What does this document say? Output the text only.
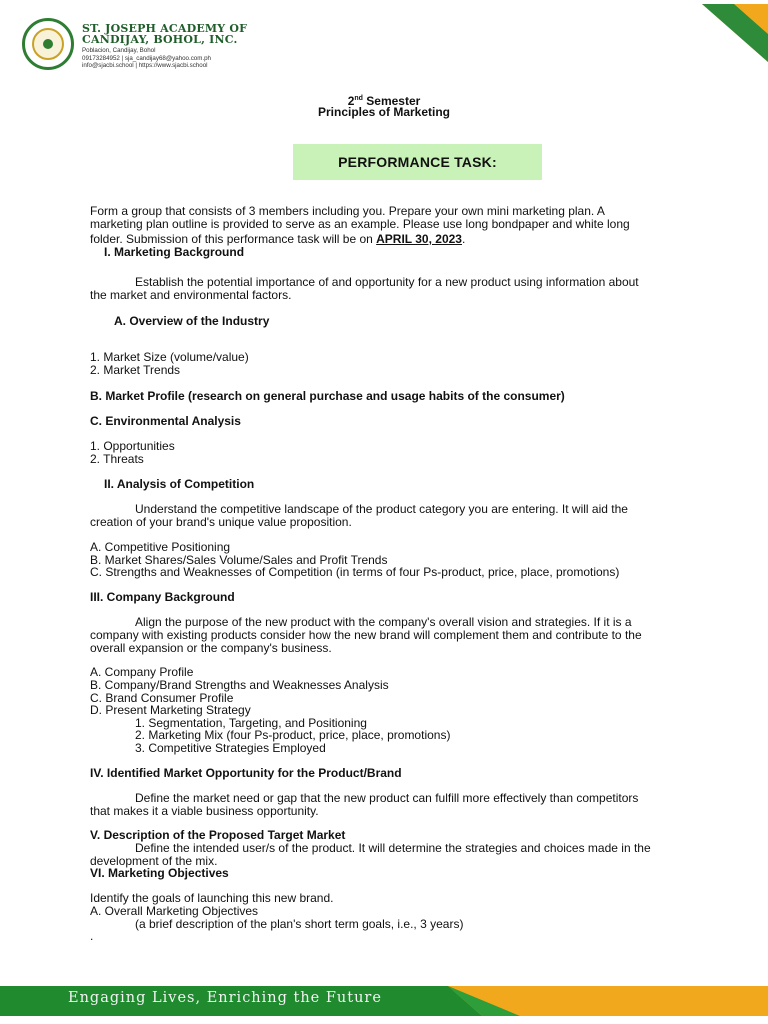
ST. JOSEPH ACADEMY OF
CANDIJAY, BOHOL, INC.
Poblacion, Candijay, Bohol
09173284952 | sja_candijay68@yahoo.com.ph
info@sjacbi.school | https://www.sjacbi.school
2nd Semester
Principles of Marketing
PERFORMANCE TASK:
Form a group that consists of 3 members including you. Prepare your own mini marketing plan. A
marketing plan outline is provided to serve as an example. Please use long bondpaper and white long
folder. Submission of this performance task will be on APRIL 30, 2023.
I. Marketing Background
Establish the potential importance of and opportunity for a new product using information about
the market and environmental factors.
A. Overview of the Industry
1. Market Size (volume/value)
2. Market Trends
B. Market Profile (research on general purchase and usage habits of the consumer)
C. Environmental Analysis
1. Opportunities
2. Threats
II. Analysis of Competition
Understand the competitive landscape of the product category you are entering. It will aid the
creation of your brand's unique value proposition.
A. Competitive Positioning
B. Market Shares/Sales Volume/Sales and Profit Trends
C. Strengths and Weaknesses of Competition (in terms of four Ps-product, price, place, promotions)
III. Company Background
Align the purpose of the new product with the company's overall vision and strategies. If it is a
company with existing products consider how the new brand will complement them and contribute to the
overall expansion or the company's business.
A. Company Profile
B. Company/Brand Strengths and Weaknesses Analysis
C. Brand Consumer Profile
D. Present Marketing Strategy
1. Segmentation, Targeting, and Positioning
2. Marketing Mix (four Ps-product, price, place, promotions)
3. Competitive Strategies Employed
IV. Identified Market Opportunity for the Product/Brand
Define the market need or gap that the new product can fulfill more effectively than competitors
that makes it a viable business opportunity.
V. Description of the Proposed Target Market
Define the intended user/s of the product. It will determine the strategies and choices made in the
development of the mix.
VI. Marketing Objectives
Identify the goals of launching this new brand.
A. Overall Marketing Objectives
(a brief description of the plan's short term goals, i.e., 3 years)
.
Engaging Lives, Enriching the Future
